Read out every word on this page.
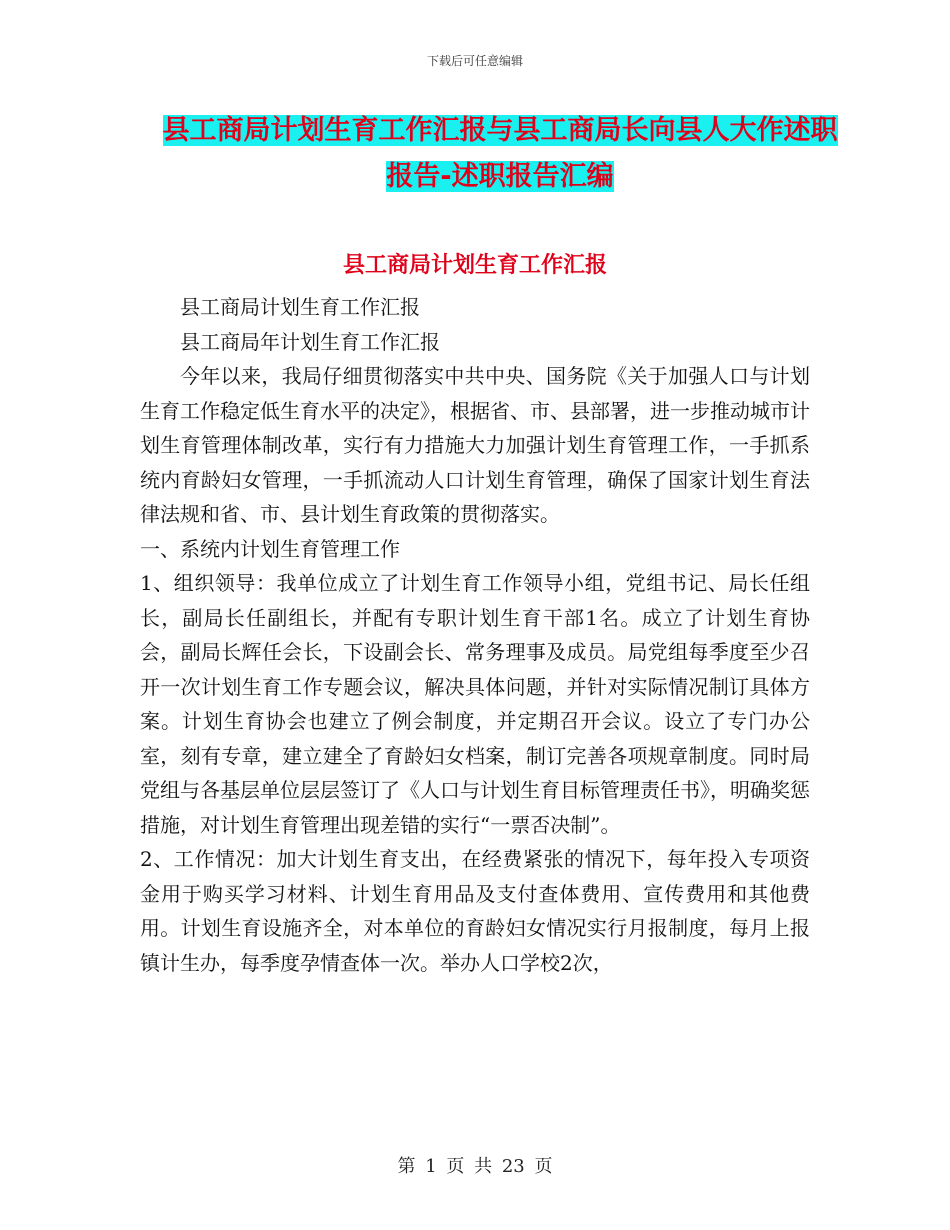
下载后可任意编辑
县工商局计划生育工作汇报与县工商局长向县人大作述职报告-述职报告汇编
县工商局计划生育工作汇报

县工商局计划生育工作汇报

县工商局年计划生育工作汇报

今年以来，我局仔细贯彻落实中共中央、国务院《关于加强人口与计划生育工作稳定低生育水平的决定》，根据省、市、县部署，进一步推动城市计划生育管理体制改革，实行有力措施大力加强计划生育管理工作，一手抓系统内育龄妇女管理，一手抓流动人口计划生育管理，确保了国家计划生育法律法规和省、市、县计划生育政策的贯彻落实。

一、系统内计划生育管理工作

1、组织领导：我单位成立了计划生育工作领导小组，党组书记、局长任组长，副局长任副组长，并配有专职计划生育干部1名。成立了计划生育协会，副局长辉任会长，下设副会长、常务理事及成员。局党组每季度至少召开一次计划生育工作专题会议，解决具体问题，并针对实际情况制订具体方案。计划生育协会也建立了例会制度，并定期召开会议。设立了专门办公室，刻有专章，建立建全了育龄妇女档案，制订完善各项规章制度。同时局党组与各基层单位层层签订了《人口与计划生育目标管理责任书》，明确奖惩措施，对计划生育管理出现差错的实行“一票否决制”。

2、工作情况：加大计划生育支出，在经费紧张的情况下，每年投入专项资金用于购买学习材料、计划生育用品及支付查体费用、宣传费用和其他费用。计划生育设施齐全，对本单位的育龄妇女情况实行月报制度，每月上报镇计生办，每季度孕情查体一次。举办人口学校2次，

第 1 页 共 23 页
